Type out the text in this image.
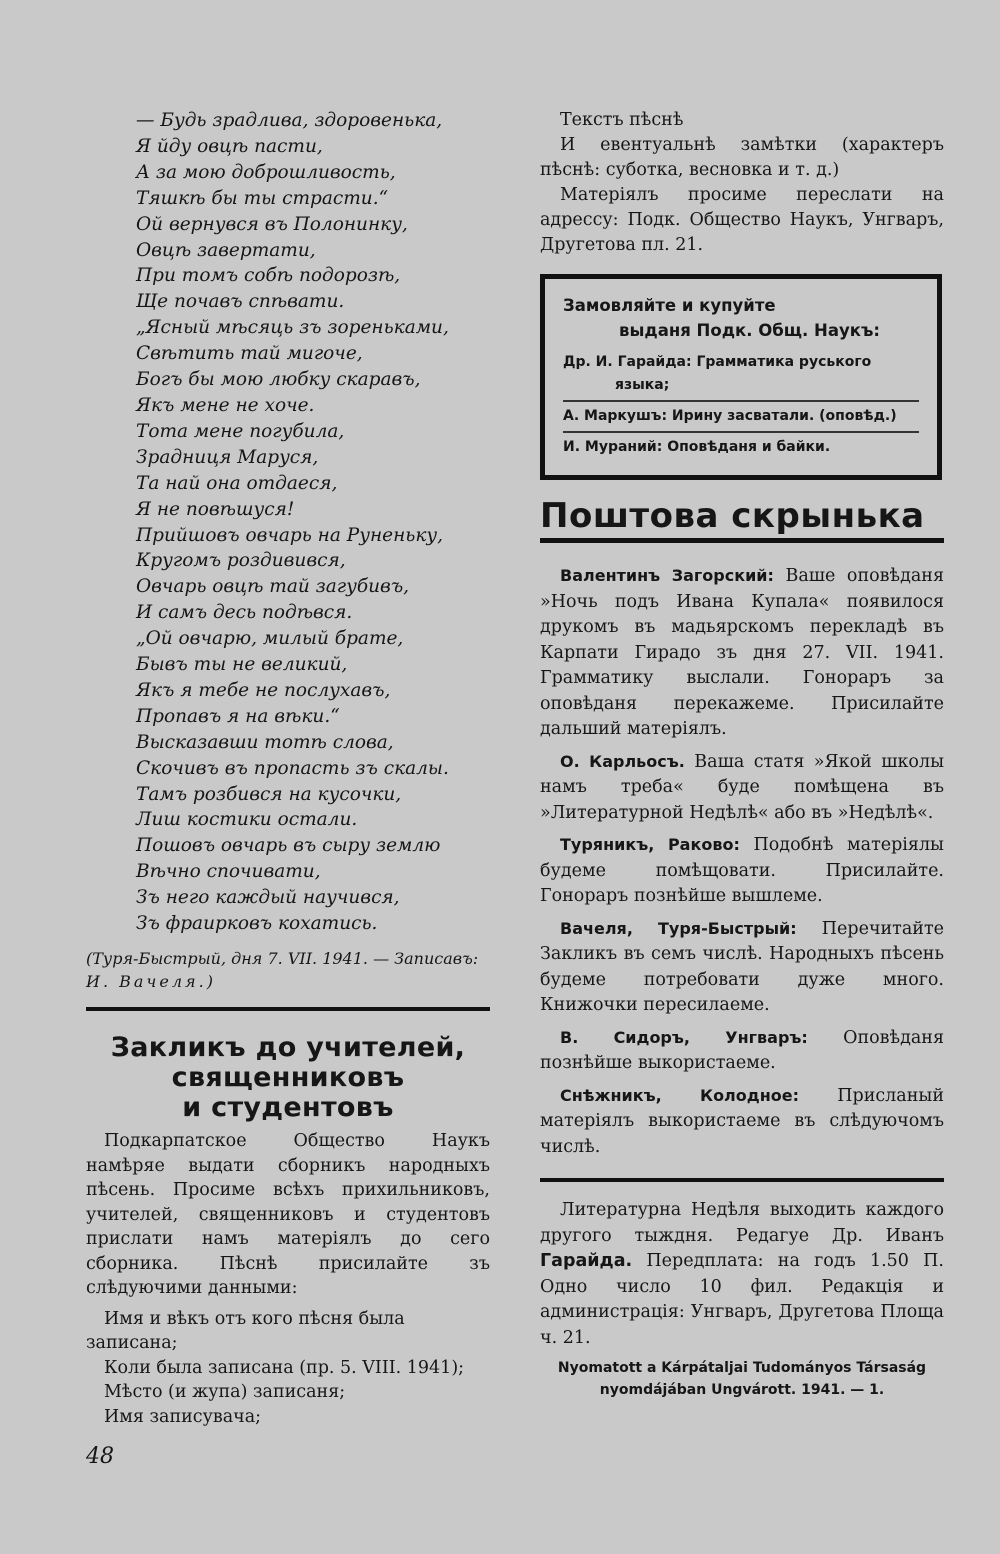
— Будь зрадлива, здоровенька,
Я йду овцѣ пасти,
А за мою доброшливость,
Тяшкѣ бы ты страсти.“
Ой вернувся въ Полонинку,
Овцѣ завертати,
При томъ собѣ подорозѣ,
Ще почавъ спѣвати.
„Ясный мѣсяць зъ зореньками,
Свѣтить тай мигоче,
Богъ бы мою любку скаравъ,
Якъ мене не хоче.
Тота мене погубила,
Зрадниця Маруся,
Та най она отдаеся,
Я не повѣшуся!
Прийшовъ овчарь на Руненьку,
Кругомъ роздивився,
Овчарь овцѣ тай загубивъ,
И самъ десь подѣвся.
„Ой овчарю, милый брате,
Бывъ ты не великий,
Якъ я тебе не послухавъ,
Пропавъ я на вѣки.“
Высказавши тотѣ слова,
Скочивъ въ пропасть зъ скалы.
Тамъ розбився на кусочки,
Лиш костики остали.
Пошовъ овчарь въ сыру землю
Вѣчно спочивати,
Зъ него каждый научився,
Зъ фраирковъ кохатись.
(Туря-Быстрый, дня 7. VII. 1941. — Записавъ:
И. Вачеля.)
Закликъ до учителей,
священниковъ
и студентовъ
Подкарпатское Общество Наукъ намѣряе выдати сборникъ народныхъ пѣсень. Просиме всѣхъ прихильниковъ, учителей, священниковъ и студентовъ прислати намъ матерiялъ до сего сборника. Пѣснѣ присилайте зъ слѣдуючими данными:
Имя и вѣкъ отъ кого пѣсня была записана;
Коли была записана (пр. 5. VIII. 1941);
Мѣсто (и жупа) записаня;
Имя записувача;
48
Текстъ пѣснѣ
И евентуальнѣ замѣтки (характеръ пѣснѣ: суботка, весновка и т. д.)
Матерiялъ просиме переслати на адрессу: Подк. Общество Наукъ, Унгваръ, Другетова пл. 21.
Замовляйте и купуйте
выданя Подк. Общ. Наукъ:
Др. И. Гарайда: Грамматика руського
языка;
А. Маркушъ: Ирину засватали. (оповѣд.)
И. Мураний: Оповѣданя и байки.
Поштова скрынька
Валентинъ Загорский: Ваше оповѣданя »Ночь подъ Ивана Купала« появилося друкомъ въ мадьярскомъ перекладѣ въ Карпати Гирадо зъ дня 27. VII. 1941. Грамматику выслали. Гонораръ за оповѣданя перекажеме. Присилайте дальший матерiялъ.
О. Карльосъ. Ваша статя »Якой школы намъ треба« буде помѣщена въ »Литературной Недѣлѣ« або въ »Недѣлѣ«.
Туряникъ, Раково: Подобнѣ матерiялы будеме помѣщовати. Присилайте. Гонораръ познѣйше вышлеме.
Вачеля, Туря-Быстрый: Перечитайте Закликъ въ семъ числѣ. Народныхъ пѣсень будеме потребовати дуже много. Книжочки пересилаеме.
В. Сидоръ, Унгваръ: Оповѣданя познѣйше выкористаеме.
Снѣжникъ, Колодное: Присланый матерiялъ выкористаеме въ слѣдуючомъ числѣ.
Литературна Недѣля выходить каждого другого тыждня. Редагуе Др. Иванъ Гарайда. Передплата: на годъ 1.50 П. Одно число 10 фил. Редакцiя и администрацiя: Унгваръ, Другетова Площа ч. 21.
Nyomatott a Kárpátaljai Tudományos Társaság
nyomdájában Ungvárott. 1941. — 1.
